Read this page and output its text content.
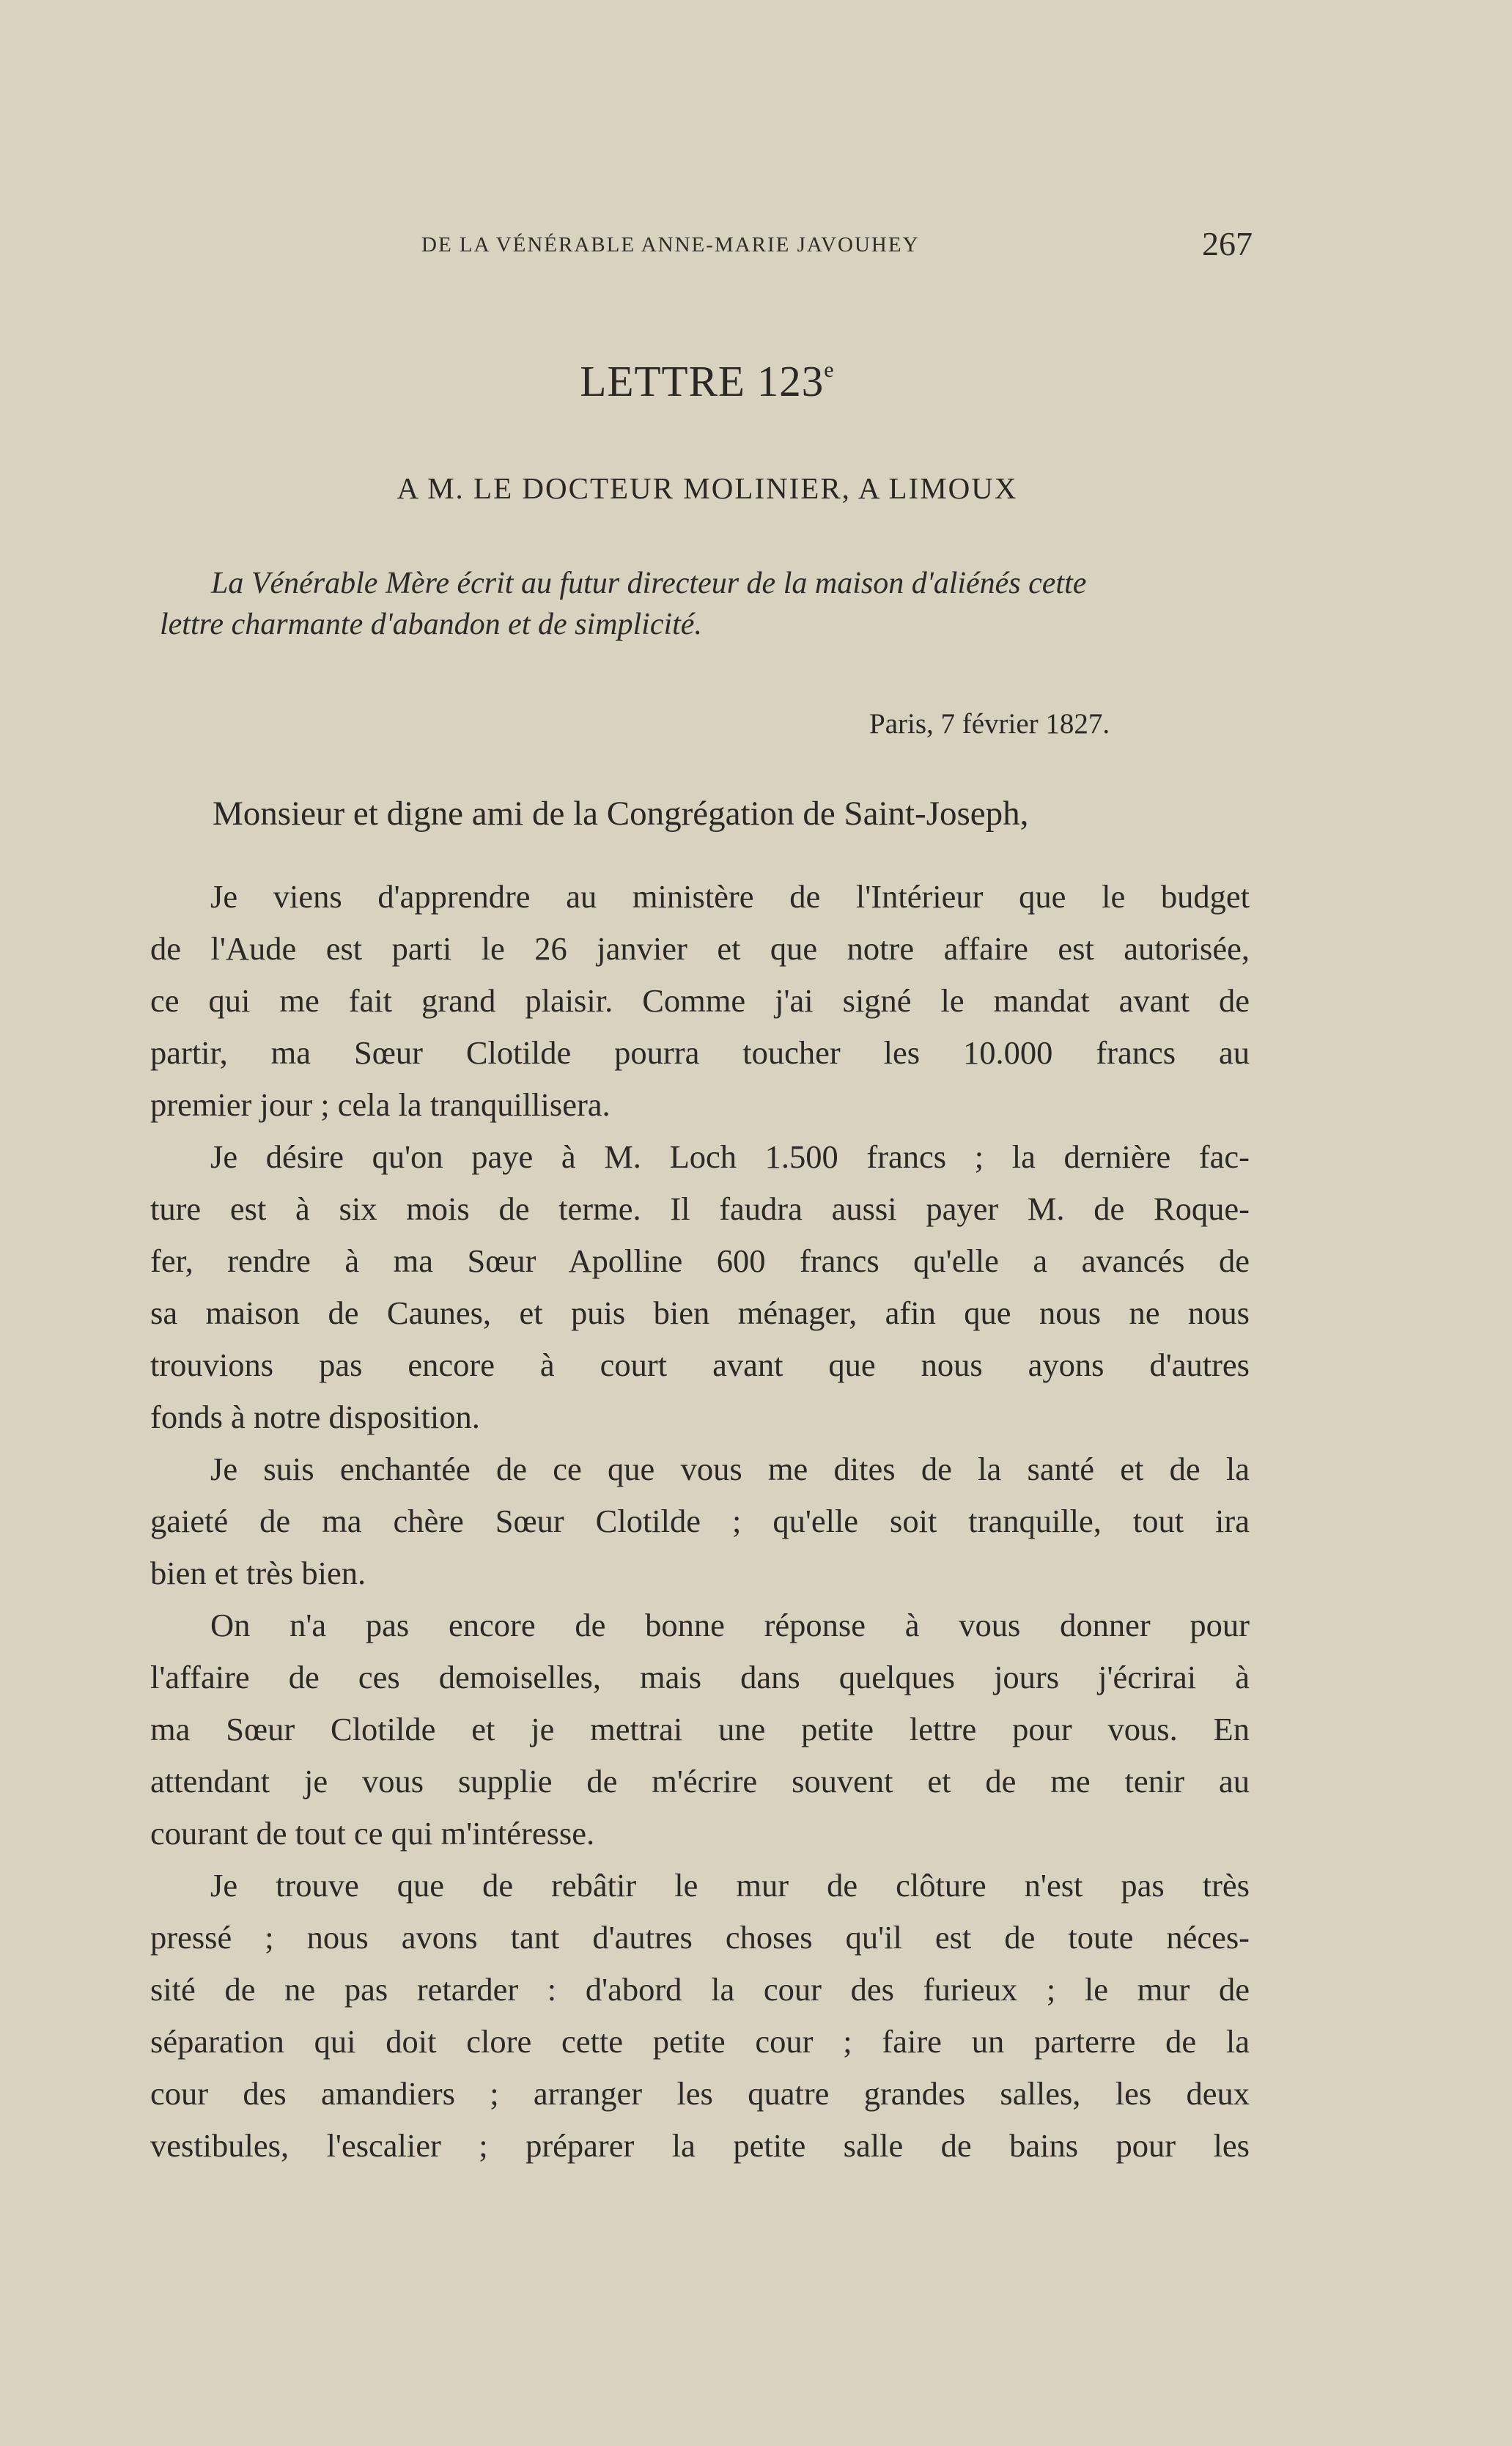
DE LA VÉNÉRABLE ANNE-MARIE JAVOUHEY	267
LETTRE 123e
A M. LE DOCTEUR MOLINIER, A LIMOUX
La Vénérable Mère écrit au futur directeur de la maison d'aliénés cette
lettre charmante d'abandon et de simplicité.
Paris, 7 février 1827.
Monsieur et digne ami de la Congrégation de Saint-Joseph,
Je viens d'apprendre au ministère de l'Intérieur que le budget
de l'Aude est parti le 26 janvier et que notre affaire est autorisée,
ce qui me fait grand plaisir. Comme j'ai signé le mandat avant de
partir, ma Sœur Clotilde pourra toucher les 10.000 francs au
premier jour ; cela la tranquillisera.
Je désire qu'on paye à M. Loch 1.500 francs ; la dernière fac-
ture est à six mois de terme. Il faudra aussi payer M. de Roque-
fer, rendre à ma Sœur Apolline 600 francs qu'elle a avancés de
sa maison de Caunes, et puis bien ménager, afin que nous ne nous
trouvions pas encore à court avant que nous ayons d'autres
fonds à notre disposition.
Je suis enchantée de ce que vous me dites de la santé et de la
gaieté de ma chère Sœur Clotilde ; qu'elle soit tranquille, tout ira
bien et très bien.
On n'a pas encore de bonne réponse à vous donner pour
l'affaire de ces demoiselles, mais dans quelques jours j'écrirai à
ma Sœur Clotilde et je mettrai une petite lettre pour vous. En
attendant je vous supplie de m'écrire souvent et de me tenir au
courant de tout ce qui m'intéresse.
Je trouve que de rebâtir le mur de clôture n'est pas très
pressé ; nous avons tant d'autres choses qu'il est de toute néces-
sité de ne pas retarder : d'abord la cour des furieux ; le mur de
séparation qui doit clore cette petite cour ; faire un parterre de la
cour des amandiers ; arranger les quatre grandes salles, les deux
vestibules, l'escalier ; préparer la petite salle de bains pour les
